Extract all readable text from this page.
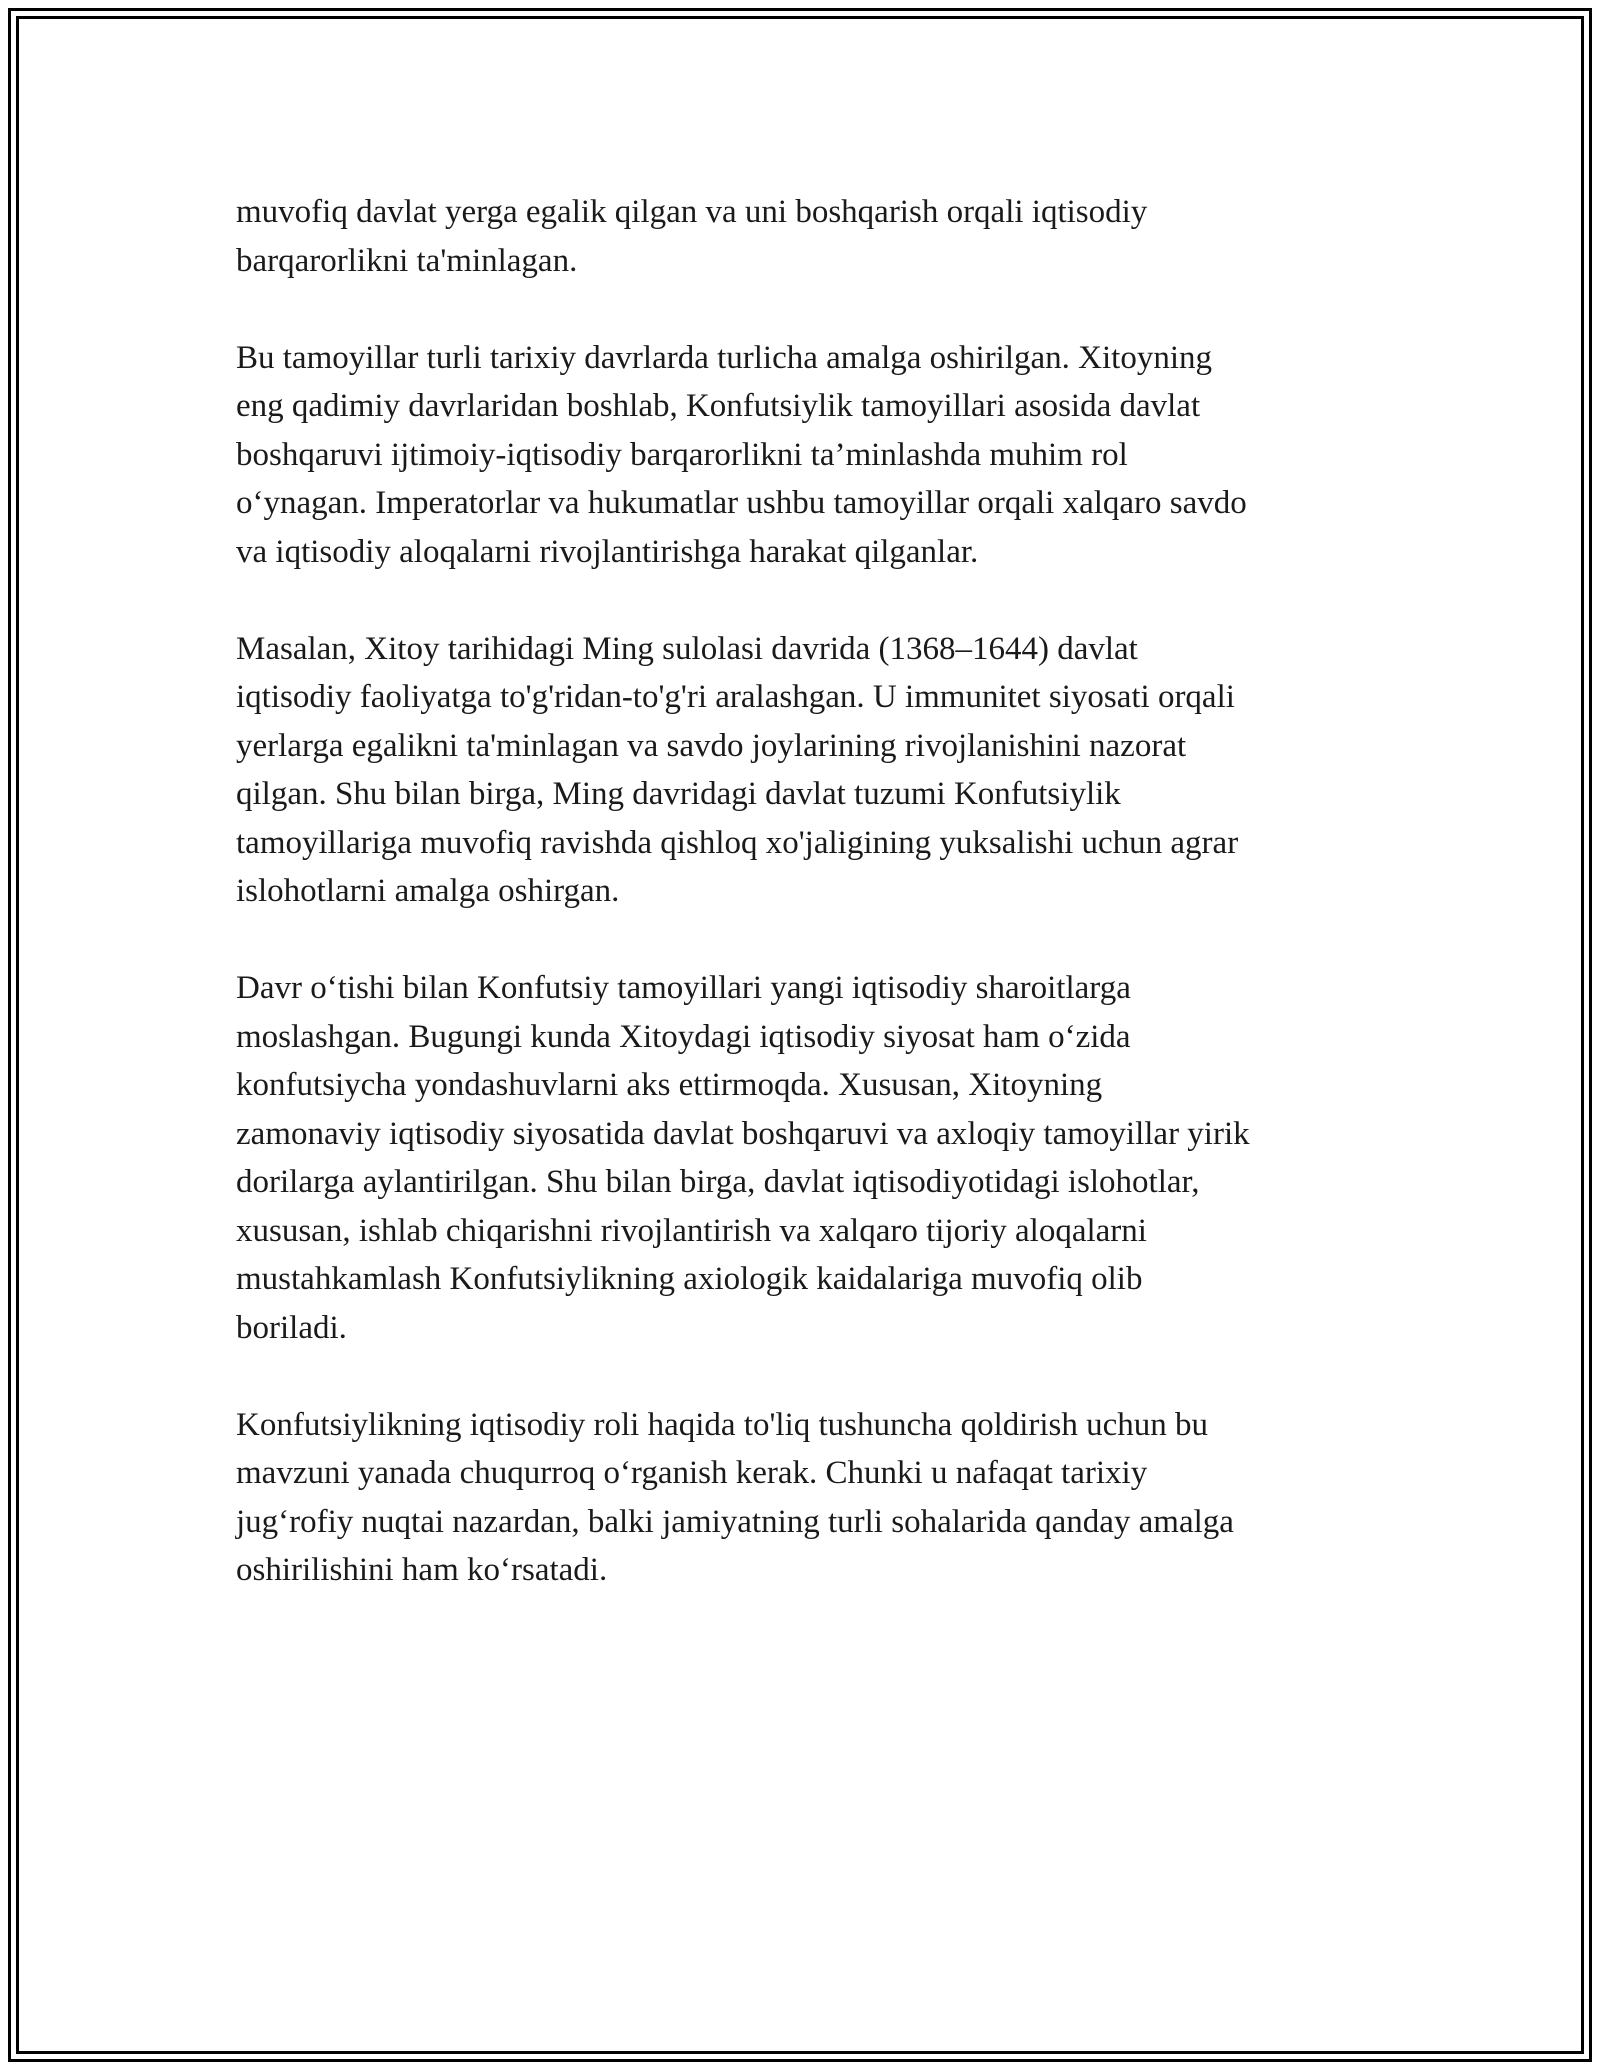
muvofiq davlat yerga egalik qilgan va uni boshqarish orqali iqtisodiy
barqarorlikni ta'minlagan.

Bu tamoyillar turli tarixiy davrlarda turlicha amalga oshirilgan. Xitoyning
eng qadimiy davrlaridan boshlab, Konfutsiylik tamoyillari asosida davlat
boshqaruvi ijtimoiy-iqtisodiy barqarorlikni ta’minlashda muhim rol
o‘ynagan. Imperatorlar va hukumatlar ushbu tamoyillar orqali xalqaro savdo
va iqtisodiy aloqalarni rivojlantirishga harakat qilganlar.

Masalan, Xitoy tarihidagi Ming sulolasi davrida (1368–1644) davlat
iqtisodiy faoliyatga to'g'ridan-to'g'ri aralashgan. U immunitet siyosati orqali
yerlarga egalikni ta'minlagan va savdo joylarining rivojlanishini nazorat
qilgan. Shu bilan birga, Ming davridagi davlat tuzumi Konfutsiylik
tamoyillariga muvofiq ravishda qishloq xo'jaligining yuksalishi uchun agrar
islohotlarni amalga oshirgan.

Davr o‘tishi bilan Konfutsiy tamoyillari yangi iqtisodiy sharoitlarga
moslashgan. Bugungi kunda Xitoydagi iqtisodiy siyosat ham o‘zida
konfutsiycha yondashuvlarni aks ettirmoqda. Xususan, Xitoyning
zamonaviy iqtisodiy siyosatida davlat boshqaruvi va axloqiy tamoyillar yirik
dorilarga aylantirilgan. Shu bilan birga, davlat iqtisodiyotidagi islohotlar,
xususan, ishlab chiqarishni rivojlantirish va xalqaro tijoriy aloqalarni
mustahkamlash Konfutsiylikning axiologik kaidalariga muvofiq olib
boriladi.

Konfutsiylikning iqtisodiy roli haqida to'liq tushuncha qoldirish uchun bu
mavzuni yanada chuqurroq o‘rganish kerak. Chunki u nafaqat tarixiy
jug‘rofiy nuqtai nazardan, balki jamiyatning turli sohalarida qanday amalga
oshirilishini ham ko‘rsatadi.
